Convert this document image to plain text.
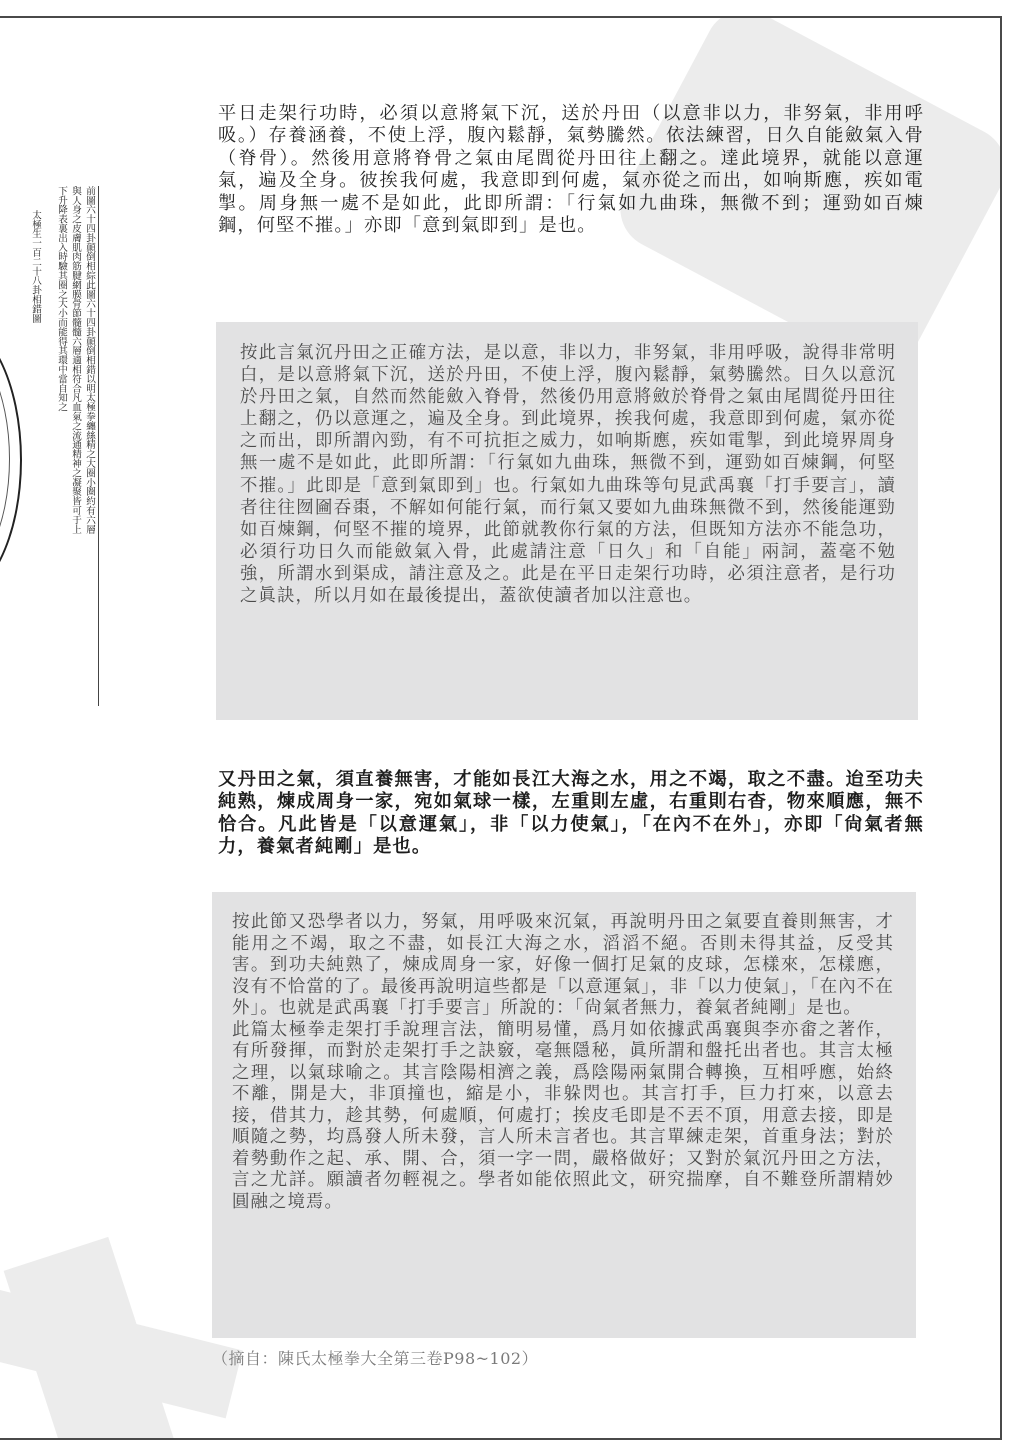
前圖六十四卦顛倒相綜此圖六十四卦顛倒相錯以明太極拳纏絲精之大圈小圈約有六層
與人身之皮膚肌肉筋腱網膜骨節髓髓六層適相符合凡血氣之流通精神之凝聚皆可于上
下升降表裏出入時驗其圈之大小而能得其環中當自知之
太極生一百二十八卦相錯圖

平日走架行功時，必須以意將氣下沉，送於丹田（以意非以力，非努氣，非用呼吸。）存養涵養，不使上浮，腹內鬆靜，氣勢騰然。依法練習，日久自能斂氣入骨（脊骨）。然後用意將脊骨之氣由尾閭從丹田往上翻之。達此境界，就能以意運氣，遍及全身。彼挨我何處，我意即到何處，氣亦從之而出，如响斯應，疾如電掣。周身無一處不是如此，此即所謂：「行氣如九曲珠，無微不到；運勁如百煉鋼，何堅不摧。」亦即「意到氣即到」是也。

按此言氣沉丹田之正確方法，是以意，非以力，非努氣，非用呼吸，說得非常明白，是以意將氣下沉，送於丹田，不使上浮，腹內鬆靜，氣勢騰然。日久以意沉於丹田之氣，自然而然能斂入脊骨，然後仍用意將斂於脊骨之氣由尾閭從丹田往上翻之，仍以意運之，遍及全身。到此境界，挨我何處，我意即到何處，氣亦從之而出，即所謂內勁，有不可抗拒之威力，如响斯應，疾如電掣，到此境界周身無一處不是如此，此即所謂：「行氣如九曲珠，無微不到，運勁如百煉鋼，何堅不摧。」此即是「意到氣即到」也。行氣如九曲珠等句見武禹襄「打手要言」，讀者往往囫圇吞棗，不解如何能行氣，而行氣又要如九曲珠無微不到，然後能運勁如百煉鋼，何堅不摧的境界，此節就教你行氣的方法，但既知方法亦不能急功，必須行功日久而能斂氣入骨，此處請注意「日久」和「自能」兩詞，蓋毫不勉強，所謂水到渠成，請注意及之。此是在平日走架行功時，必須注意者，是行功之眞訣，所以月如在最後提出，蓋欲使讀者加以注意也。

又丹田之氣，須直養無害，才能如長江大海之水，用之不竭，取之不盡。迨至功夫純熟，煉成周身一家，宛如氣球一樣，左重則左虛，右重則右杳，物來順應，無不恰合。凡此皆是「以意運氣」，非「以力使氣」，「在內不在外」，亦即「尙氣者無力，養氣者純剛」是也。

按此節又恐學者以力，努氣，用呼吸來沉氣，再說明丹田之氣要直養則無害，才能用之不竭，取之不盡，如長江大海之水，滔滔不絕。否則未得其益，反受其害。到功夫純熟了，煉成周身一家，好像一個打足氣的皮球，怎樣來，怎樣應，沒有不恰當的了。最後再說明這些都是「以意運氣」，非「以力使氣」，「在內不在外」。也就是武禹襄「打手要言」所說的：「尙氣者無力，養氣者純剛」是也。

此篇太極拳走架打手說理言法，簡明易懂，爲月如依據武禹襄與李亦畬之著作，有所發揮，而對於走架打手之訣竅，毫無隱秘，眞所謂和盤托出者也。其言太極之理，以氣球喻之。其言陰陽相濟之義，爲陰陽兩氣開合轉換，互相呼應，始終不離，開是大，非頂撞也，縮是小，非躲閃也。其言打手，巨力打來，以意去接，借其力，趁其勢，何處順，何處打；挨皮毛即是不丟不頂，用意去接，即是順隨之勢，均爲發人所未發，言人所未言者也。其言單練走架，首重身法；對於着勢動作之起、承、開、合，須一字一問，嚴格做好；又對於氣沉丹田之方法，言之尤詳。願讀者勿輕視之。學者如能依照此文，研究揣摩，自不難登所謂精妙圓融之境焉。

（摘自：陳氏太極拳大全第三卷P98~102）
